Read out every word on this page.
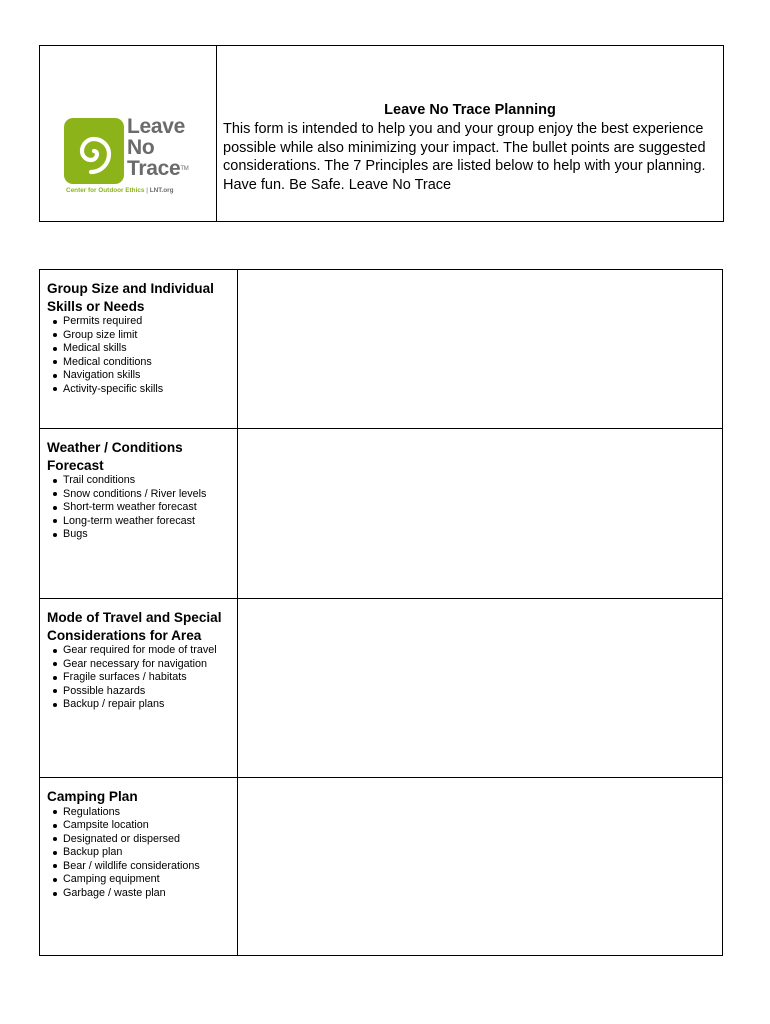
Leave
No
Trace™
Center for Outdoor Ethics | LNT.org
Leave No Trace Planning
This form is intended to help you and your group enjoy the best experience possible while also minimizing your impact. The bullet points are suggested considerations. The 7 Principles are listed below to help with your planning. Have fun. Be Safe. Leave No Trace
Group Size and Individual Skills or Needs
Permits required
Group size limit
Medical skills
Medical conditions
Navigation skills
Activity-specific skills
Weather / Conditions Forecast
Trail conditions
Snow conditions / River levels
Short-term weather forecast
Long-term weather forecast
Bugs
Mode of Travel and Special Considerations for Area
Gear required for mode of travel
Gear necessary for navigation
Fragile surfaces / habitats
Possible hazards
Backup / repair plans
Camping Plan
Regulations
Campsite location
Designated or dispersed
Backup plan
Bear / wildlife considerations
Camping equipment
Garbage / waste plan
